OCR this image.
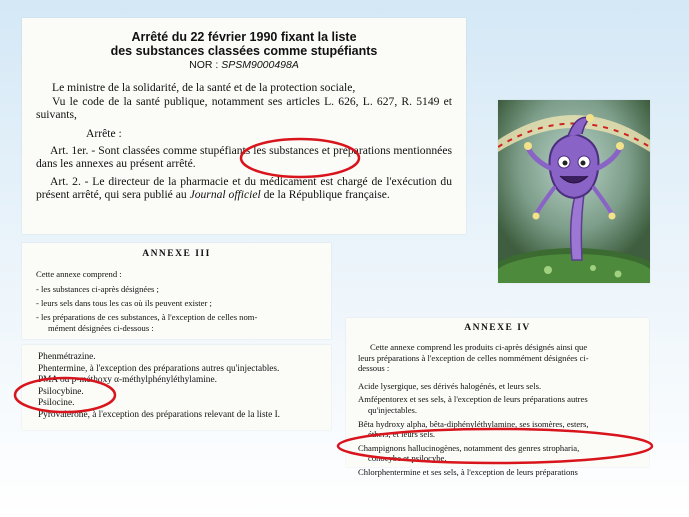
Arrêté du 22 février 1990 fixant la liste

des substances classées comme stupéfiants

NOR : SPSM9000498A

Le ministre de la solidarité, de la santé et de la protection sociale,

Vu le code de la santé publique, notamment ses articles L. 626, L. 627, R. 5149 et suivants,

Arrête :

Art. 1er. - Sont classées comme stupéfiants les substances et préparations mentionnées dans les annexes au présent arrêté.

Art. 2. - Le directeur de la pharmacie et du médicament est chargé de l'exécution du présent arrêté, qui sera publié au Journal officiel de la République française.

ANNEXE III

Cette annexe comprend :

- les substances ci-après désignées ;

- leurs sels dans tous les cas où ils peuvent exister ;

- les préparations de ces substances, à l'exception de celles nom-

mément désignées ci-dessous :

Phenmétrazine.

Phentermine, à l'exception des préparations autres qu'injectables.

PMA ou p-méthoxy α-méthylphényléthylamine.

Psilocybine.

Psilocine.

Pyrovalérone, à l'exception des préparations relevant de la liste I.

ANNEXE IV

Cette annexe comprend les produits ci-après désignés ainsi que

leurs préparations à l'exception de celles nommément désignées ci-

dessous :

Acide lysergique, ses dérivés halogénés, et leurs sels.

Amfépentorex et ses sels, à l'exception de leurs préparations autres

qu'injectables.

Bêta hydroxy alpha, bêta-diphényléthylamine, ses isomères, esters,

éthers, et leurs sels.

Champignons hallucinogènes, notamment des genres stropharia,

conocybe et psilocybe.

Chlorphentermine et ses sels, à l'exception de leurs préparations
